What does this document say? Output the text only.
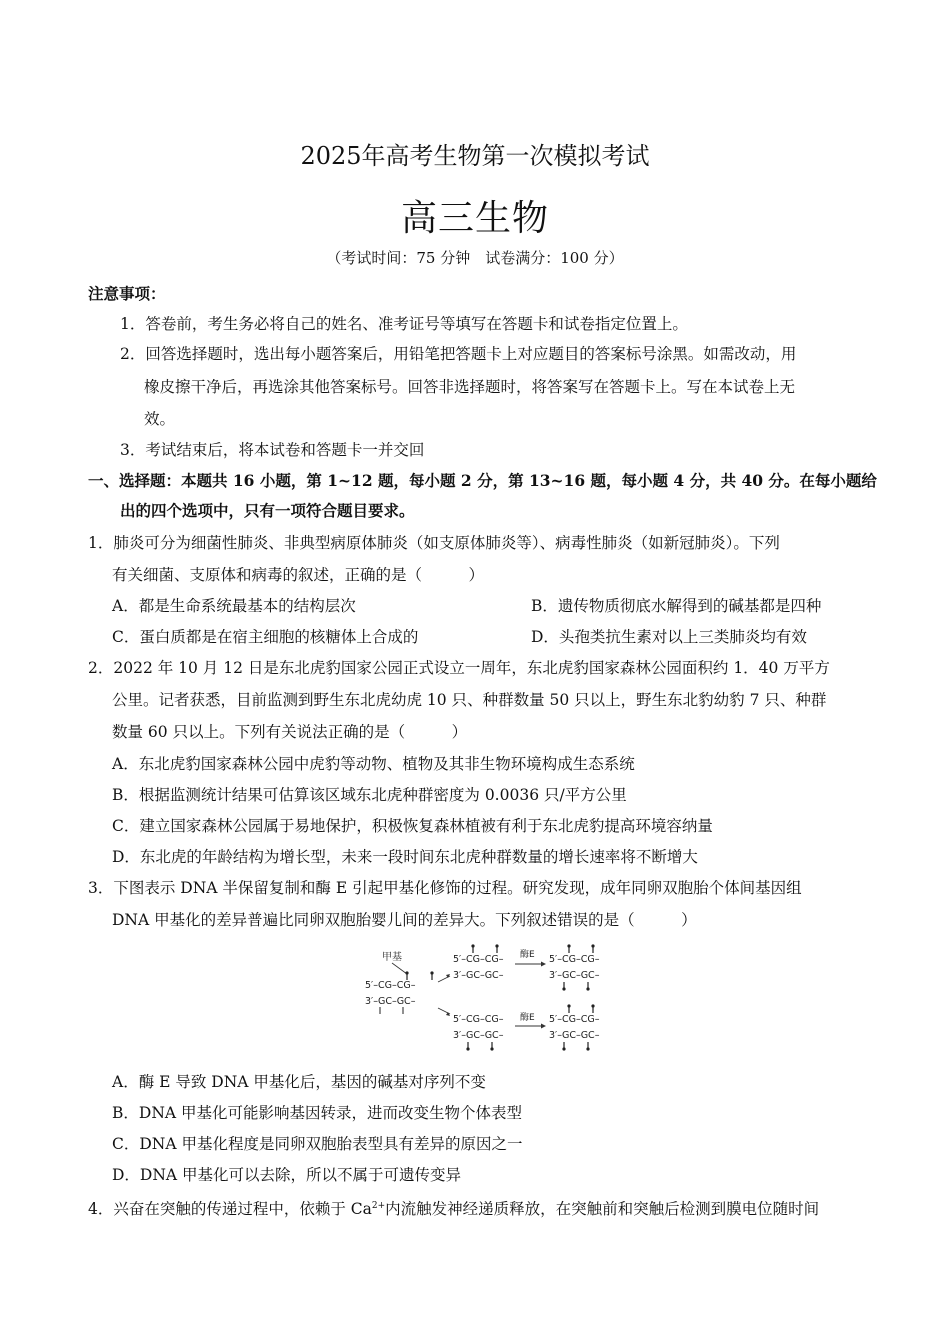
2025年高考生物第一次模拟考试
高三生物
（考试时间：75 分钟　试卷满分：100 分）
注意事项：
1．答卷前，考生务必将自己的姓名、准考证号等填写在答题卡和试卷指定位置上。
2．回答选择题时，选出每小题答案后，用铅笔把答题卡上对应题目的答案标号涂黑。如需改动，用
橡皮擦干净后，再选涂其他答案标号。回答非选择题时，将答案写在答题卡上。写在本试卷上无
效。
3．考试结束后，将本试卷和答题卡一并交回
一、选择题：本题共 16 小题，第 1~12 题，每小题 2 分，第 13~16 题，每小题 4 分，共 40 分。在每小题给
出的四个选项中，只有一项符合题目要求。
1．肺炎可分为细菌性肺炎、非典型病原体肺炎（如支原体肺炎等）、病毒性肺炎（如新冠肺炎）。下列
有关细菌、支原体和病毒的叙述，正确的是（　　　）
A．都是生命系统最基本的结构层次	B．遗传物质彻底水解得到的碱基都是四种
C．蛋白质都是在宿主细胞的核糖体上合成的	D．头孢类抗生素对以上三类肺炎均有效
2．2022 年 10 月 12 日是东北虎豹国家公园正式设立一周年，东北虎豹国家森林公园面积约 1．40 万平方
公里。记者获悉，目前监测到野生东北虎幼虎 10 只、种群数量 50 只以上，野生东北豹幼豹 7 只、种群
数量 60 只以上。下列有关说法正确的是（　　　）
A．东北虎豹国家森林公园中虎豹等动物、植物及其非生物环境构成生态系统
B．根据监测统计结果可估算该区域东北虎种群密度为 0.0036 只/平方公里
C．建立国家森林公园属于易地保护，积极恢复森林植被有利于东北虎豹提高环境容纳量
D．东北虎的年龄结构为增长型，未来一段时间东北虎种群数量的增长速率将不断增大
3．下图表示 DNA 半保留复制和酶 E 引起甲基化修饰的过程。研究发现，成年同卵双胞胎个体间基因组
DNA 甲基化的差异普遍比同卵双胞胎婴儿间的差异大。下列叙述错误的是（　　　）
甲基
5′–CG–CG–
3′–GC–GC–
5′–CG–CG–
3′–GC–GC–
酶E 5′–CG–CG–
3′–GC–GC–
5′–CG–CG–
3′–GC–GC–
酶E 5′–CG–CG–
3′–GC–GC–
A．酶 E 导致 DNA 甲基化后，基因的碱基对序列不变
B．DNA 甲基化可能影响基因转录，进而改变生物个体表型
C．DNA 甲基化程度是同卵双胞胎表型具有差异的原因之一
D．DNA 甲基化可以去除，所以不属于可遗传变异
4．兴奋在突触的传递过程中，依赖于 $Ca^{2+}$内流触发神经递质释放，在突触前和突触后检测到膜电位随时间
